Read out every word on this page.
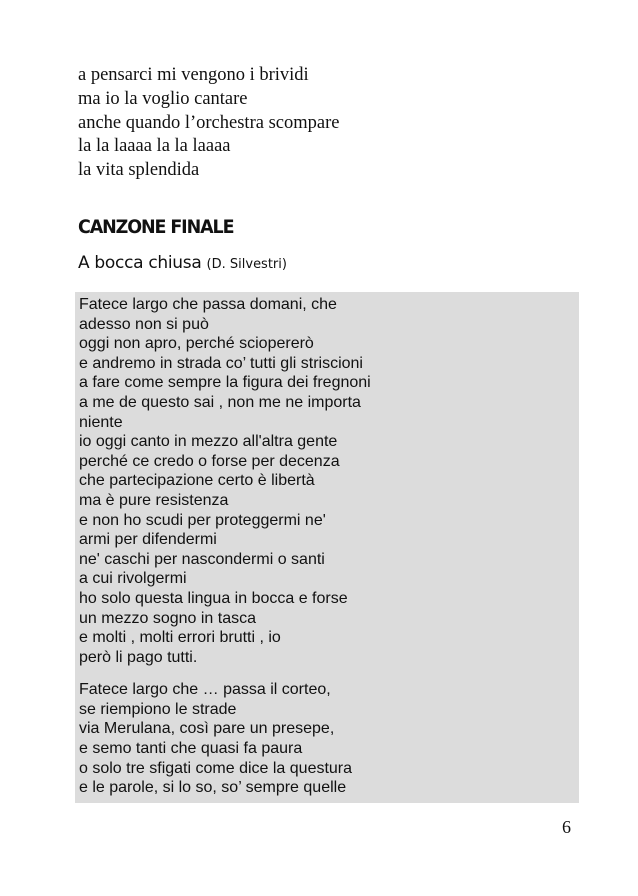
a pensarci mi vengono i brividi
ma io la voglio cantare
anche quando l’orchestra scompare
la la laaaa la la laaaa
la vita splendida
CANZONE FINALE
A bocca chiusa (D. Silvestri)
Fatece largo che passa domani, che
adesso non si può
oggi non apro, perché sciopererò
e andremo in strada co’ tutti gli striscioni
a fare come sempre la figura dei fregnoni
a me de questo sai , non me ne importa
niente
io oggi canto in mezzo all'altra gente
perché ce credo o forse per decenza
che partecipazione certo è libertà
ma è pure resistenza
e non ho scudi per proteggermi ne'
armi per difendermi
ne' caschi per nascondermi o santi
a cui rivolgermi
ho solo questa lingua in bocca e forse
un mezzo sogno in tasca
e molti , molti errori brutti , io
però li pago tutti.
Fatece largo che … passa il corteo,
se riempiono le strade
via Merulana, così pare un presepe,
e semo tanti che quasi fa paura
o solo tre sfigati come dice la questura
e le parole, si lo so, so’ sempre quelle
6
